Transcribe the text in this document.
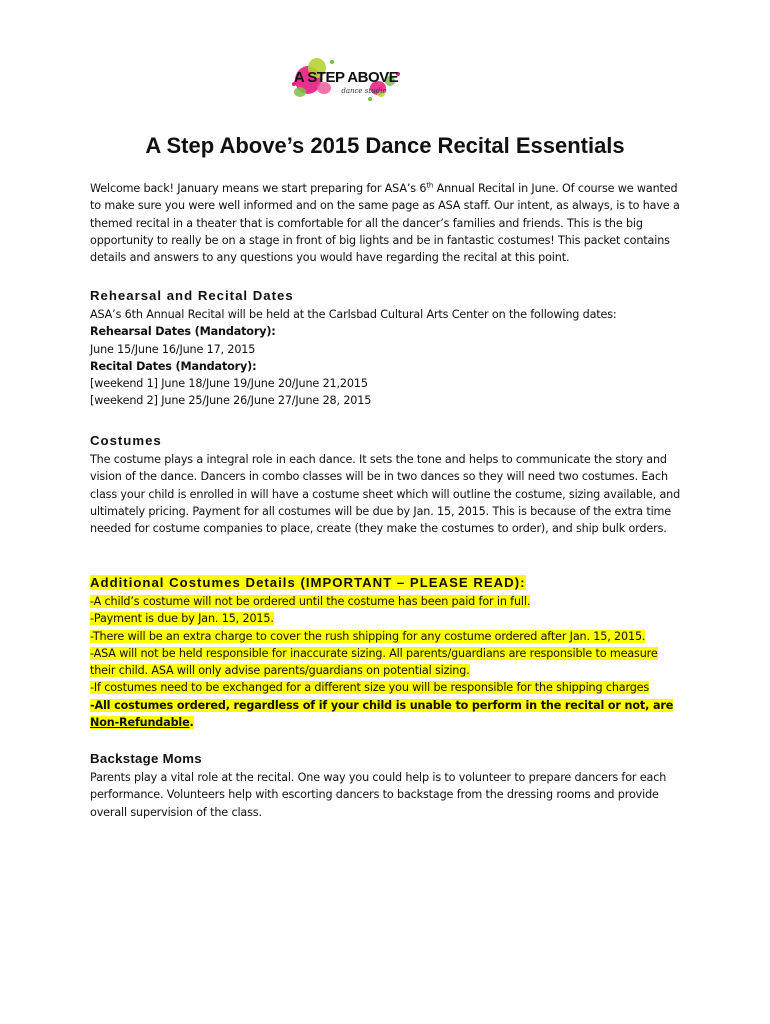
A STEP ABOVE
dance studio
A Step Above’s 2015 Dance Recital Essentials

Welcome back! January means we start preparing for ASA’s 6th Annual Recital in June. Of course we wanted to make sure you were well informed and on the same page as ASA staff. Our intent, as always, is to have a themed recital in a theater that is comfortable for all the dancer’s families and friends. This is the big opportunity to really be on a stage in front of big lights and be in fantastic costumes! This packet contains details and answers to any questions you would have regarding the recital at this point.

Rehearsal and Recital Dates
ASA’s 6th Annual Recital will be held at the Carlsbad Cultural Arts Center on the following dates:
Rehearsal Dates (Mandatory):
June 15/June 16/June 17, 2015
Recital Dates (Mandatory):
[weekend 1] June 18/June 19/June 20/June 21,2015
[weekend 2] June 25/June 26/June 27/June 28, 2015
Costumes

The costume plays a integral role in each dance. It sets the tone and helps to communicate the story and vision of the dance. Dancers in combo classes will be in two dances so they will need two costumes. Each class your child is enrolled in will have a costume sheet which will outline the costume, sizing available, and ultimately pricing. Payment for all costumes will be due by Jan. 15, 2015. This is because of the extra time needed for costume companies to place, create (they make the costumes to order), and ship bulk orders.

Additional Costumes Details (IMPORTANT – PLEASE READ):
-A child’s costume will not be ordered until the costume has been paid for in full.
-Payment is due by Jan. 15, 2015.
-There will be an extra charge to cover the rush shipping for any costume ordered after Jan. 15, 2015.
-ASA will not be held responsible for inaccurate sizing. All parents/guardians are responsible to measure their child. ASA will only advise parents/guardians on potential sizing.
-If costumes need to be exchanged for a different size you will be responsible for the shipping charges
-All costumes ordered, regardless of if your child is unable to perform in the recital or not, are Non-Refundable.
Backstage Moms

Parents play a vital role at the recital. One way you could help is to volunteer to prepare dancers for each performance. Volunteers help with escorting dancers to backstage from the dressing rooms and provide overall supervision of the class.
